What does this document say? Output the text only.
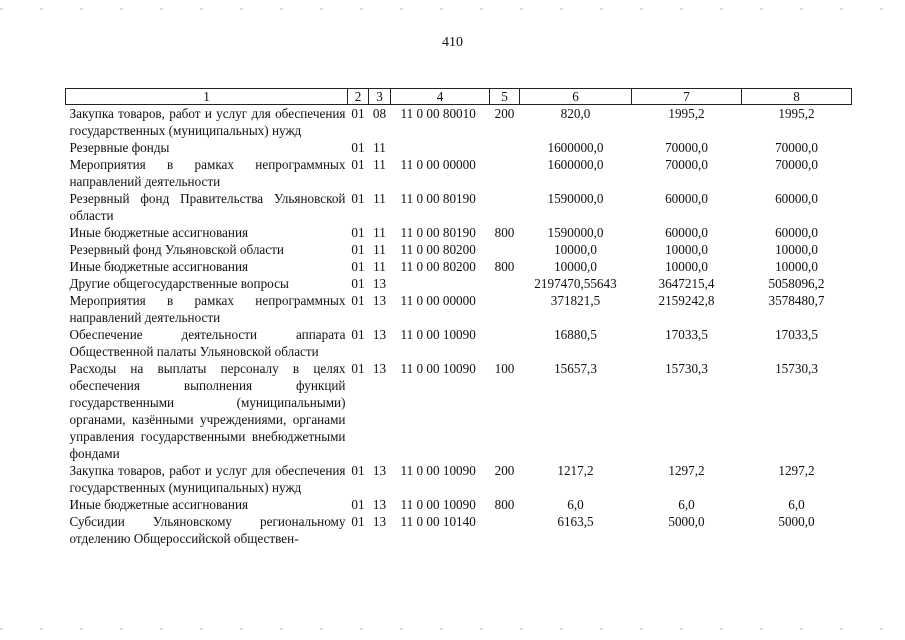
410
1	2	3	4	5	6	7	8
Закупка товаров, работ и услуг для обеспечения государственных (муниципальных) нужд	01	08	11 0 00 80010	200	820,0	1995,2	1995,2
Резервные фонды	01	11			1600000,0	70000,0	70000,0
Мероприятия в рамках непрограммных направлений деятельности	01	11	11 0 00 00000		1600000,0	70000,0	70000,0
Резервный фонд Правительства Ульяновской области	01	11	11 0 00 80190		1590000,0	60000,0	60000,0
Иные бюджетные ассигнования	01	11	11 0 00 80190	800	1590000,0	60000,0	60000,0
Резервный фонд Ульяновской области	01	11	11 0 00 80200		10000,0	10000,0	10000,0
Иные бюджетные ассигнования	01	11	11 0 00 80200	800	10000,0	10000,0	10000,0
Другие общегосударственные вопросы	01	13			2197470,55643	3647215,4	5058096,2
Мероприятия в рамках непрограммных направлений деятельности	01	13	11 0 00 00000		371821,5	2159242,8	3578480,7
Обеспечение деятельности аппарата Общественной палаты Ульяновской области	01	13	11 0 00 10090		16880,5	17033,5	17033,5
Расходы на выплаты персоналу в целях обеспечения выполнения функций государственными (муниципальными) органами, казёнными учреждениями, органами управления государственными внебюджетными фондами	01	13	11 0 00 10090	100	15657,3	15730,3	15730,3
Закупка товаров, работ и услуг для обеспечения государственных (муниципальных) нужд	01	13	11 0 00 10090	200	1217,2	1297,2	1297,2
Иные бюджетные ассигнования	01	13	11 0 00 10090	800	6,0	6,0	6,0
Субсидии Ульяновскому региональному отделению Общероссийской обществен-	01	13	11 0 00 10140		6163,5	5000,0	5000,0
